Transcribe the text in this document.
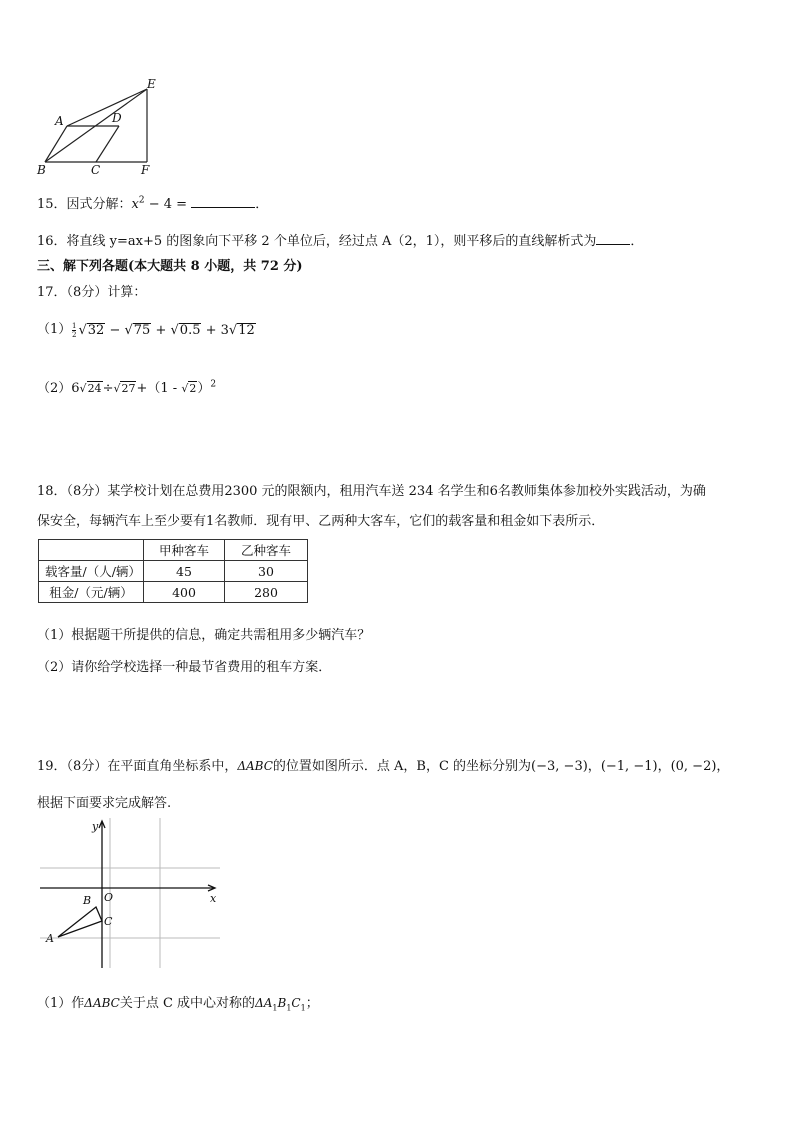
E
A	D
B	C	F
15．因式分解：$x^2 - 4$ =	．
16．将直线 y=ax+5 的图象向下平移 2 个单位后，经过点 A（2，1），则平移后的直线解析式为	．
三、解下列各题(本大题共 8 小题，共 72 分)
17．（8分）计算：
$(1) \frac{1}{2} √32 - √75 + √0.5 + 3√12$
（2）6√24÷√27+（1 - √2）$^2$
18．（8分）某学校计划在总费用2300 元的限额内，租用汽车送 234 名学生和6名教师集体参加校外实践活动，为确
保安全，每辆汽车上至少要有1名教师．现有甲、乙两种大客车，它们的载客量和租金如下表所示．
	甲种客车	乙种客车
载客量/（人/辆）	45	30
租金/（元/辆）	400	280
（1）根据题干所提供的信息，确定共需租用多少辆汽车？
（2）请你给学校选择一种最节省费用的租车方案．
19．（8分）在平面直角坐标系中，ΔABC的位置如图所示．点 A，B，C 的坐标分别为(−3, −3)，(−1, −1)，(0, −2)，
根据下面要求完成解答.
y
x
O
A
B
C
（1）作ΔABC关于点 C 成中心对称的$\Delta A_1B_1C_1$；
